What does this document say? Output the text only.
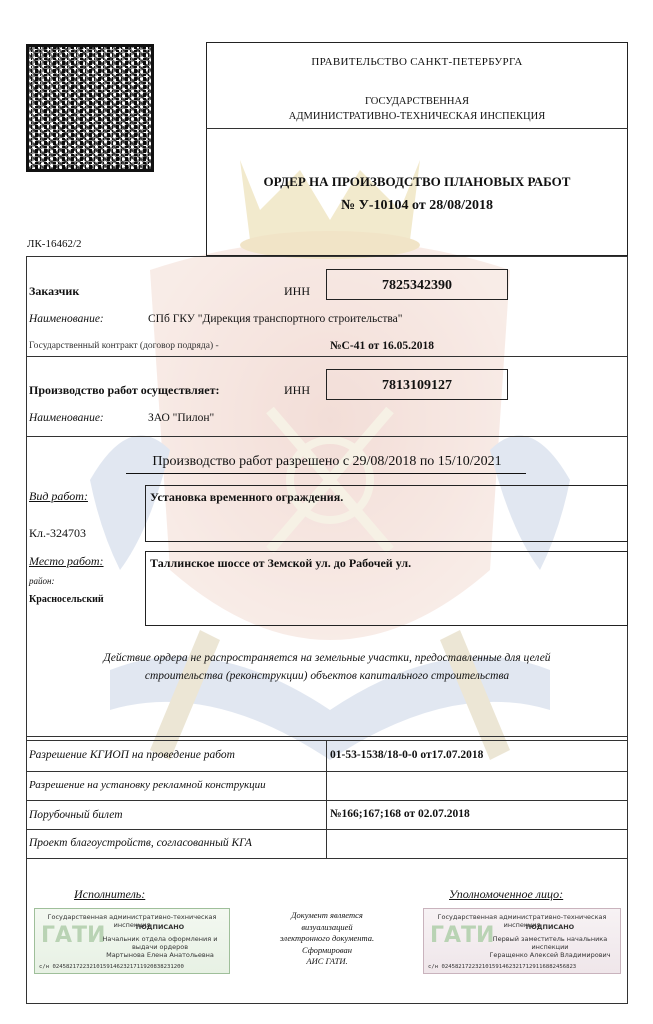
ПРАВИТЕЛЬСТВО САНКТ-ПЕТЕРБУРГА
ГОСУДАРСТВЕННАЯ
АДМИНИСТРАТИВНО-ТЕХНИЧЕСКАЯ ИНСПЕКЦИЯ
ОРДЕР НА ПРОИЗВОДСТВО ПЛАНОВЫХ РАБОТ
№ У-10104 от 28/08/2018
ЛК-16462/2
Заказчик	ИНН	7825342390
Наименование:	СПб ГКУ "Дирекция транспортного строительства"
Государственный контракт (договор подряда) -	№С-41 от 16.05.2018
Производство работ осуществляет:	ИНН	7813109127
Наименование:	ЗАО "Пилон"
Производство работ разрешено с 29/08/2018 по 15/10/2021
Вид работ:	Установка временного ограждения.
Кл.-324703
Место работ:
район:
Красносельский
Таллинское шоссе от Земской ул. до Рабочей ул.
Действие ордера не распространяется на земельные участки, предоставленные для целей
строительства (реконструкции) объектов капитального строительства
Разрешение КГИОП на проведение работ	01-53-1538/18-0-0 от17.07.2018
Разрешение на установку рекламной конструкции
Порубочный билет	№166;167;168 от 02.07.2018
Проект благоустройств, согласованный КГА
Исполнитель:	Уполномоченное лицо:
Документ является
визуализацией
электронного документа.
Сформирован
АИС ГАТИ.
Государственная административно-техническая инспекция
ГАТИ	ПОДПИСАНО
Начальник отдела оформления и выдачи ордеров
Мартынова Елена Анатольевна
с/н 02458217223210159146232171192083823120​0
Государственная административно-техническая инспекция
ГАТИ	ПОДПИСАНО
Первый заместитель начальника инспекции
Геращенко Алексей Владимирович
с/н 024582172232101591462321712911688245682​3
